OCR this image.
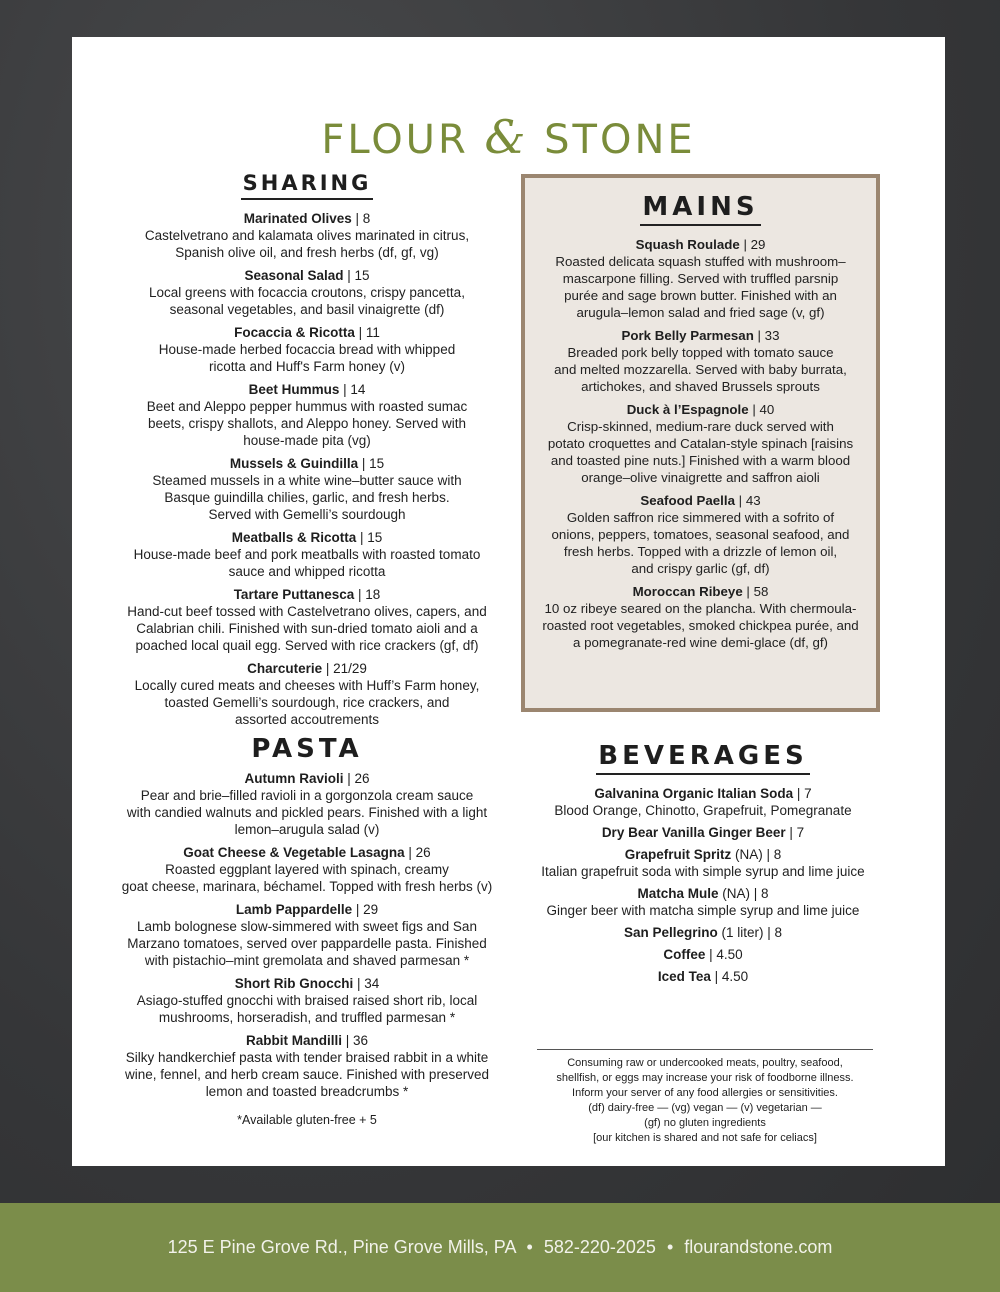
FLOUR & STONE
SHARING
Marinated Olives | 8
Castelvetrano and kalamata olives marinated in citrus,
Spanish olive oil, and fresh herbs (df, gf, vg)
Seasonal Salad | 15
Local greens with focaccia croutons, crispy pancetta,
seasonal vegetables, and basil vinaigrette (df)
Focaccia & Ricotta | 11
House-made herbed focaccia bread with whipped
ricotta and Huff's Farm honey (v)
Beet Hummus | 14
Beet and Aleppo pepper hummus with roasted sumac
beets, crispy shallots, and Aleppo honey. Served with
house-made pita (vg)
Mussels & Guindilla | 15
Steamed mussels in a white wine–butter sauce with
Basque guindilla chilies, garlic, and fresh herbs.
Served with Gemelli’s sourdough
Meatballs & Ricotta | 15
House-made beef and pork meatballs with roasted tomato
sauce and whipped ricotta
Tartare Puttanesca | 18
Hand-cut beef tossed with Castelvetrano olives, capers, and
Calabrian chili. Finished with sun-dried tomato aioli and a
poached local quail egg. Served with rice crackers (gf, df)
Charcuterie | 21/29
Locally cured meats and cheeses with Huff’s Farm honey,
toasted Gemelli’s sourdough, rice crackers, and
assorted accoutrements
PASTA
Autumn Ravioli | 26
Pear and brie–filled ravioli in a gorgonzola cream sauce
with candied walnuts and pickled pears. Finished with a light
lemon–arugula salad (v)
Goat Cheese & Vegetable Lasagna | 26
Roasted eggplant layered with spinach, creamy
goat cheese, marinara, béchamel. Topped with fresh herbs (v)
Lamb Pappardelle | 29
Lamb bolognese slow-simmered with sweet figs and San
Marzano tomatoes, served over pappardelle pasta. Finished
with pistachio–mint gremolata and shaved parmesan *
Short Rib Gnocchi | 34
Asiago-stuffed gnocchi with braised raised short rib, local
mushrooms, horseradish, and truffled parmesan *
Rabbit Mandilli | 36
Silky handkerchief pasta with tender braised rabbit in a white
wine, fennel, and herb cream sauce. Finished with preserved
lemon and toasted breadcrumbs *
*Available gluten-free + 5
MAINS
Squash Roulade | 29
Roasted delicata squash stuffed with mushroom–
mascarpone filling. Served with truffled parsnip
purée and sage brown butter. Finished with an
arugula–lemon salad and fried sage (v, gf)
Pork Belly Parmesan | 33
Breaded pork belly topped with tomato sauce
and melted mozzarella. Served with baby burrata,
artichokes, and shaved Brussels sprouts
Duck à l’Espagnole | 40
Crisp-skinned, medium-rare duck served with
potato croquettes and Catalan-style spinach [raisins
and toasted pine nuts.] Finished with a warm blood
orange–olive vinaigrette and saffron aioli
Seafood Paella | 43
Golden saffron rice simmered with a sofrito of
onions, peppers, tomatoes, seasonal seafood, and
fresh herbs. Topped with a drizzle of lemon oil,
and crispy garlic (gf, df)
Moroccan Ribeye | 58
10 oz ribeye seared on the plancha. With chermoula-
roasted root vegetables, smoked chickpea purée, and
a pomegranate-red wine demi-glace (df, gf)
BEVERAGES
Galvanina Organic Italian Soda | 7
Blood Orange, Chinotto, Grapefruit, Pomegranate
Dry Bear Vanilla Ginger Beer | 7
Grapefruit Spritz (NA) | 8
Italian grapefruit soda with simple syrup and lime juice
Matcha Mule (NA) | 8
Ginger beer with matcha simple syrup and lime juice
San Pellegrino (1 liter) | 8
Coffee | 4.50
Iced Tea | 4.50

Consuming raw or undercooked meats, poultry, seafood,

shellfish, or eggs may increase your risk of foodborne illness.

Inform your server of any food allergies or sensitivities.

(df) dairy-free — (vg) vegan — (v) vegetarian —

(gf) no gluten ingredients

[our kitchen is shared and not safe for celiacs]

125 E Pine Grove Rd., Pine Grove Mills, PA • 582-220-2025 • flourandstone.com
